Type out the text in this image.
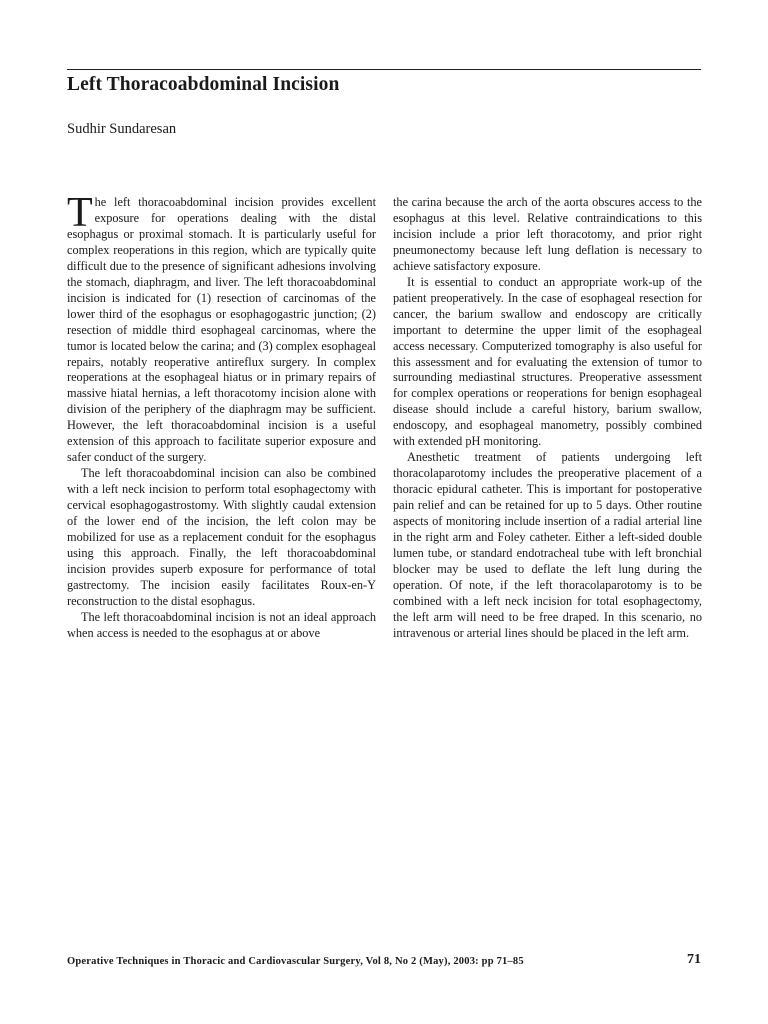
Left Thoracoabdominal Incision
Sudhir Sundaresan

The left thoracoabdominal incision provides excellent exposure for operations dealing with the distal esophagus or proximal stomach. It is particularly useful for complex reoperations in this region, which are typically quite difficult due to the presence of significant adhesions involving the stomach, diaphragm, and liver. The left thoracoabdominal incision is indicated for (1) resection of carcinomas of the lower third of the esophagus or esophagogastric junction; (2) resection of middle third esophageal carcinomas, where the tumor is located below the carina; and (3) complex esophageal repairs, notably reoperative antireflux surgery. In complex reoperations at the esophageal hiatus or in primary repairs of massive hiatal hernias, a left thoracotomy incision alone with division of the periphery of the diaphragm may be sufficient. However, the left thoracoabdominal incision is a useful extension of this approach to facilitate superior exposure and safer conduct of the surgery.

The left thoracoabdominal incision can also be combined with a left neck incision to perform total esophagectomy with cervical esophagogastrostomy. With slightly caudal extension of the lower end of the incision, the left colon may be mobilized for use as a replacement conduit for the esophagus using this approach. Finally, the left thoracoabdominal incision provides superb exposure for performance of total gastrectomy. The incision easily facilitates Roux-en-Y reconstruction to the distal esophagus.

The left thoracoabdominal incision is not an ideal approach when access is needed to the esophagus at or above

the carina because the arch of the aorta obscures access to the esophagus at this level. Relative contraindications to this incision include a prior left thoracotomy, and prior right pneumonectomy because left lung deflation is necessary to achieve satisfactory exposure.

It is essential to conduct an appropriate work-up of the patient preoperatively. In the case of esophageal resection for cancer, the barium swallow and endoscopy are critically important to determine the upper limit of the esophageal access necessary. Computerized tomography is also useful for this assessment and for evaluating the extension of tumor to surrounding mediastinal structures. Preoperative assessment for complex operations or reoperations for benign esophageal disease should include a careful history, barium swallow, endoscopy, and esophageal manometry, possibly combined with extended pH monitoring.

Anesthetic treatment of patients undergoing left thoracolaparotomy includes the preoperative placement of a thoracic epidural catheter. This is important for postoperative pain relief and can be retained for up to 5 days. Other routine aspects of monitoring include insertion of a radial arterial line in the right arm and Foley catheter. Either a left-sided double lumen tube, or standard endotracheal tube with left bronchial blocker may be used to deflate the left lung during the operation. Of note, if the left thoracolaparotomy is to be combined with a left neck incision for total esophagectomy, the left arm will need to be free draped. In this scenario, no intravenous or arterial lines should be placed in the left arm.

Operative Techniques in Thoracic and Cardiovascular Surgery, Vol 8, No 2 (May), 2003: pp 71–85	71
